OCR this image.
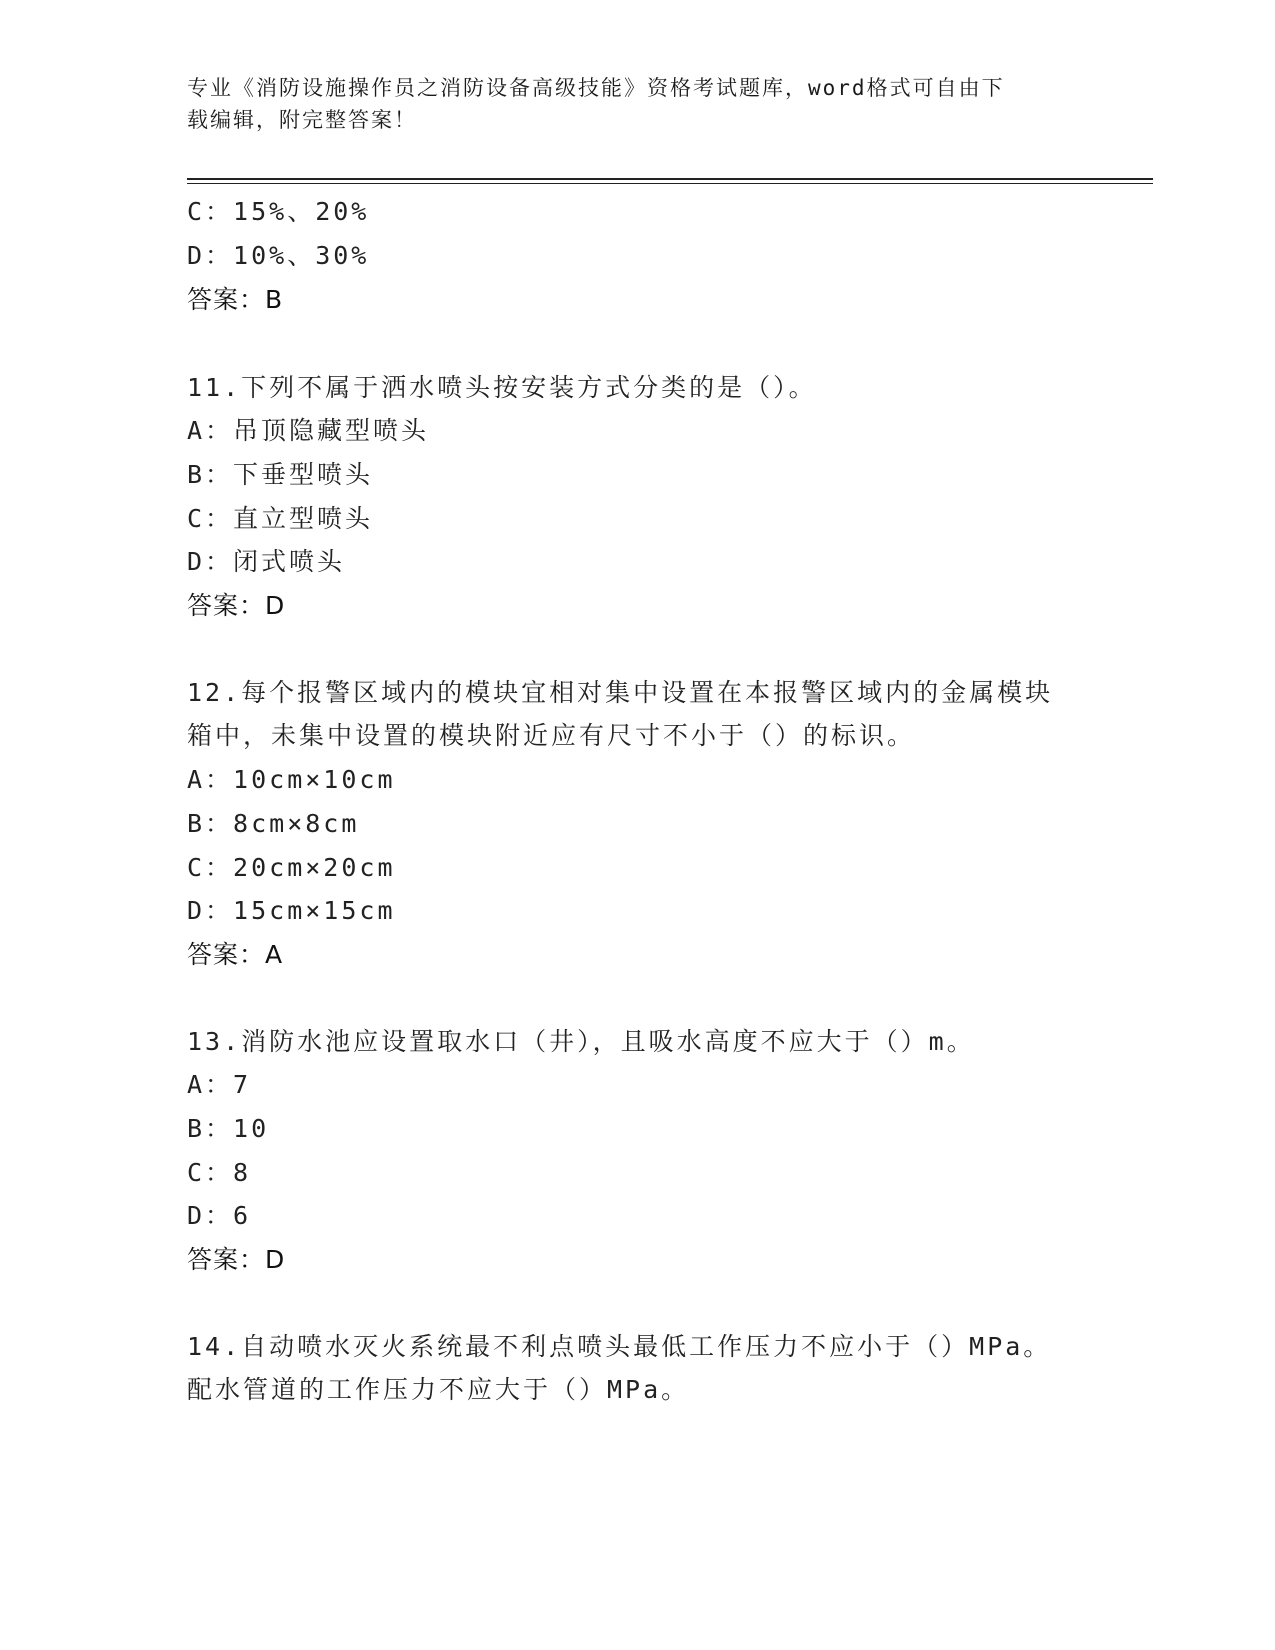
专业《消防设施操作员之消防设备高级技能》资格考试题库，word格式可自由下
载编辑，附完整答案！
C：15%、20%
D：10%、30%
答案：B
11.下列不属于洒水喷头按安装方式分类的是（）。
A：吊顶隐藏型喷头
B：下垂型喷头
C：直立型喷头
D：闭式喷头
答案：D
12.每个报警区域内的模块宜相对集中设置在本报警区域内的金属模块
箱中，未集中设置的模块附近应有尺寸不小于（）的标识。
A：10cm×10cm
B：8cm×8cm
C：20cm×20cm
D：15cm×15cm
答案：A
13.消防水池应设置取水口（井），且吸水高度不应大于（）m。
A：7
B：10
C：8
D：6
答案：D
14.自动喷水灭火系统最不利点喷头最低工作压力不应小于（）MPa。
配水管道的工作压力不应大于（）MPa。
